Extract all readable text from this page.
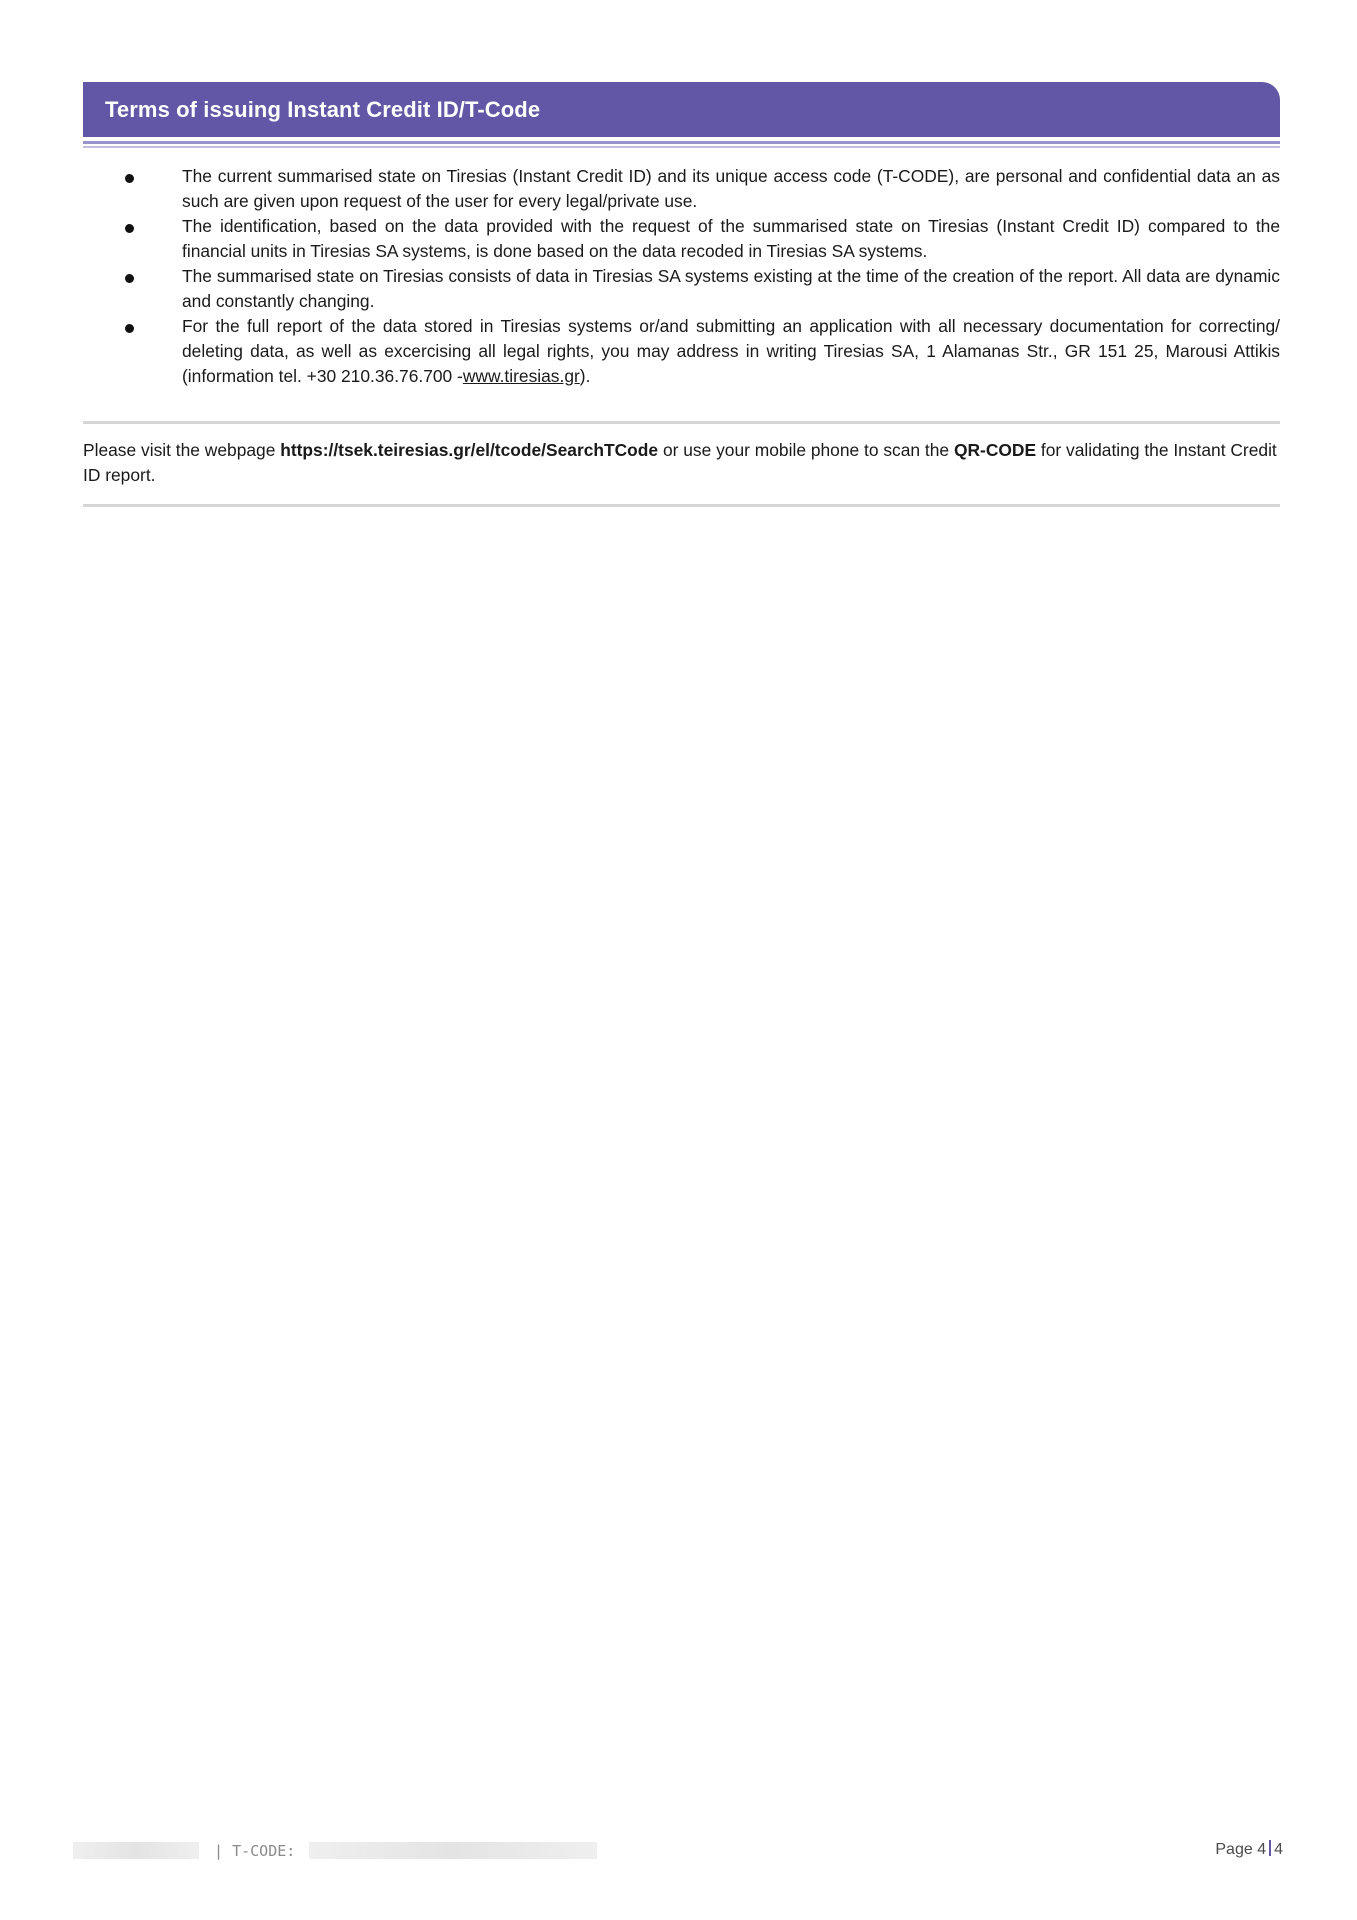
Terms of issuing Instant Credit ID/T-Code
The current summarised state on Tiresias (Instant Credit ID) and its unique access code (T-CODE), are personal and confidential data an as such are given upon request of the user for every legal/private use.
The identification, based on the data provided with the request of the summarised state on Tiresias (Instant Credit ID) compared to the financial units in Tiresias SA systems, is done based on the data recoded in Tiresias SA systems.
The summarised state on Tiresias consists of data in Tiresias SA systems existing at the time of the creation of the report. All data are dynamic and constantly changing.
For the full report of the data stored in Tiresias systems or/and submitting an application with all necessary documentation for correcting/ deleting data, as well as excercising all legal rights, you may address in writing Tiresias SA, 1 Alamanas Str., GR 151 25, Marousi Attikis (information tel. +30 210.36.76.700 -www.tiresias.gr).

Please visit the webpage https://tsek.teiresias.gr/el/tcode/SearchTCode or use your mobile phone to scan the QR-CODE for validating the Instant Credit ID report.

| T-CODE:	Page 4 4
